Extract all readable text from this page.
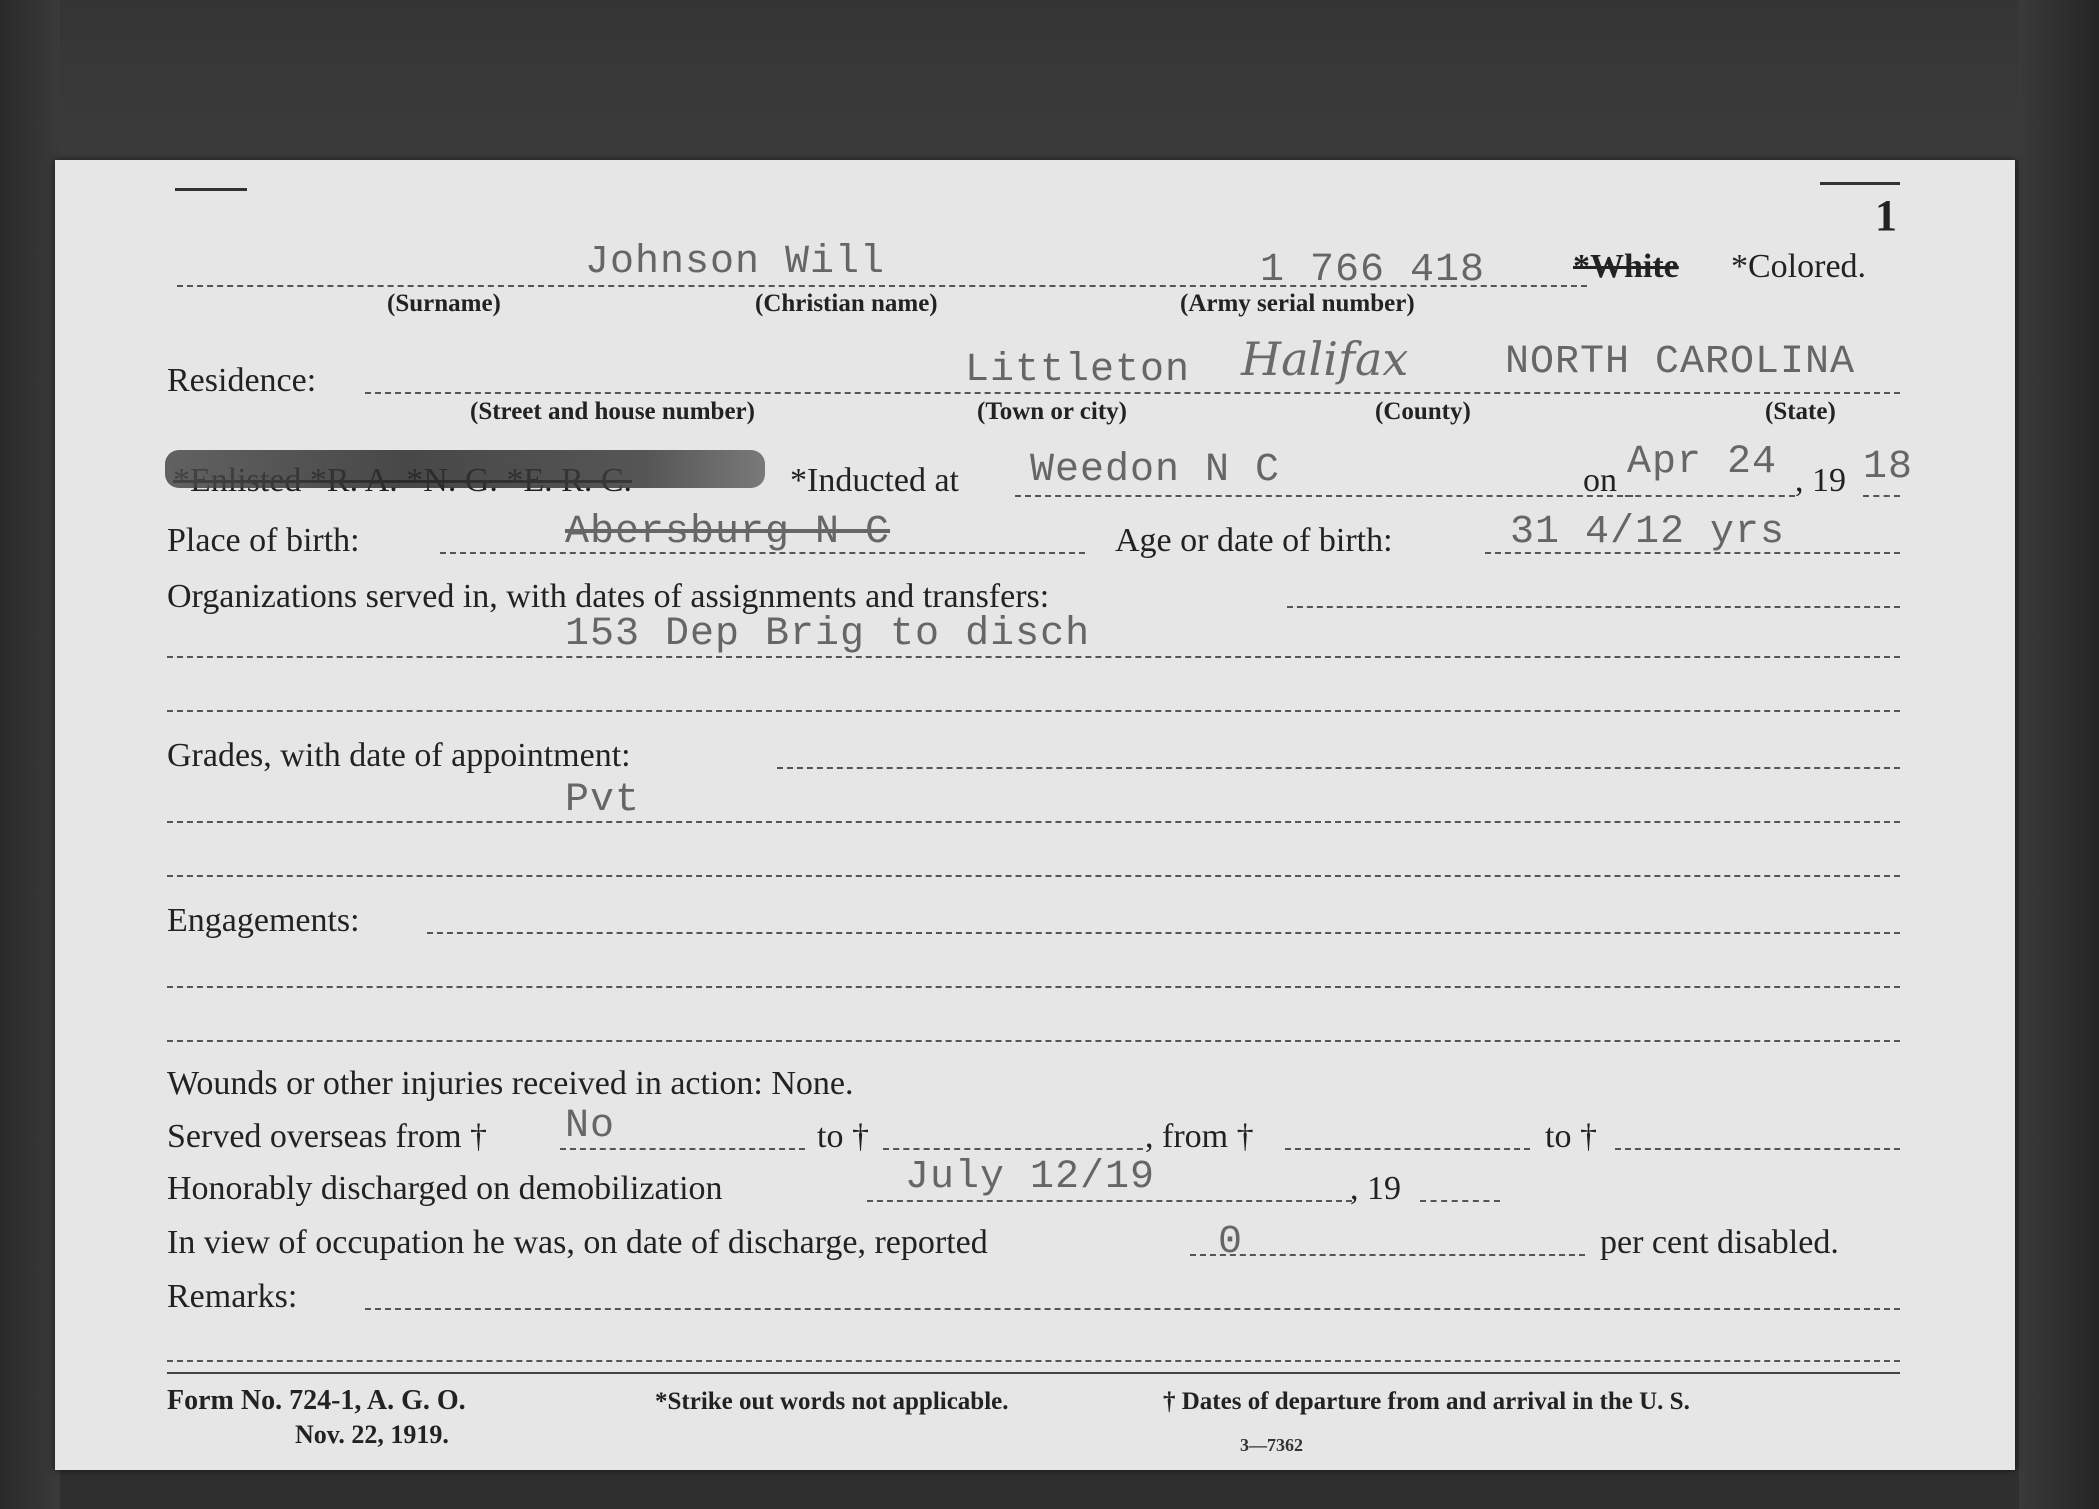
1
Johnson Will	1 766 418	*White *Colored.
(Surname)	(Christian name)	(Army serial number)
Residence:	Littleton Halifax NORTH CAROLINA
(Street and house number)	(Town or city)	(County)	(State)
*Inducted at Weedon N C	on Apr 24 , 19 18
Place of birth:	Abersburg N C	Age or date of birth:	31 4/12 yrs
Organizations served in, with dates of assignments and transfers:
153 Dep Brig to disch
Grades, with date of appointment:
Pvt
Engagements:
Wounds or other injuries received in action: None.
Served overseas from † No	to †	, from †	to †
Honorably discharged on demobilization	July 12/19	, 19
In view of occupation he was, on date of discharge, reported	0	per cent disabled.
Remarks:
Form No. 724-1, A. G. O.
Nov. 22, 1919.
*Strike out words not applicable.	† Dates of departure from and arrival in the U. S.
3—7362
